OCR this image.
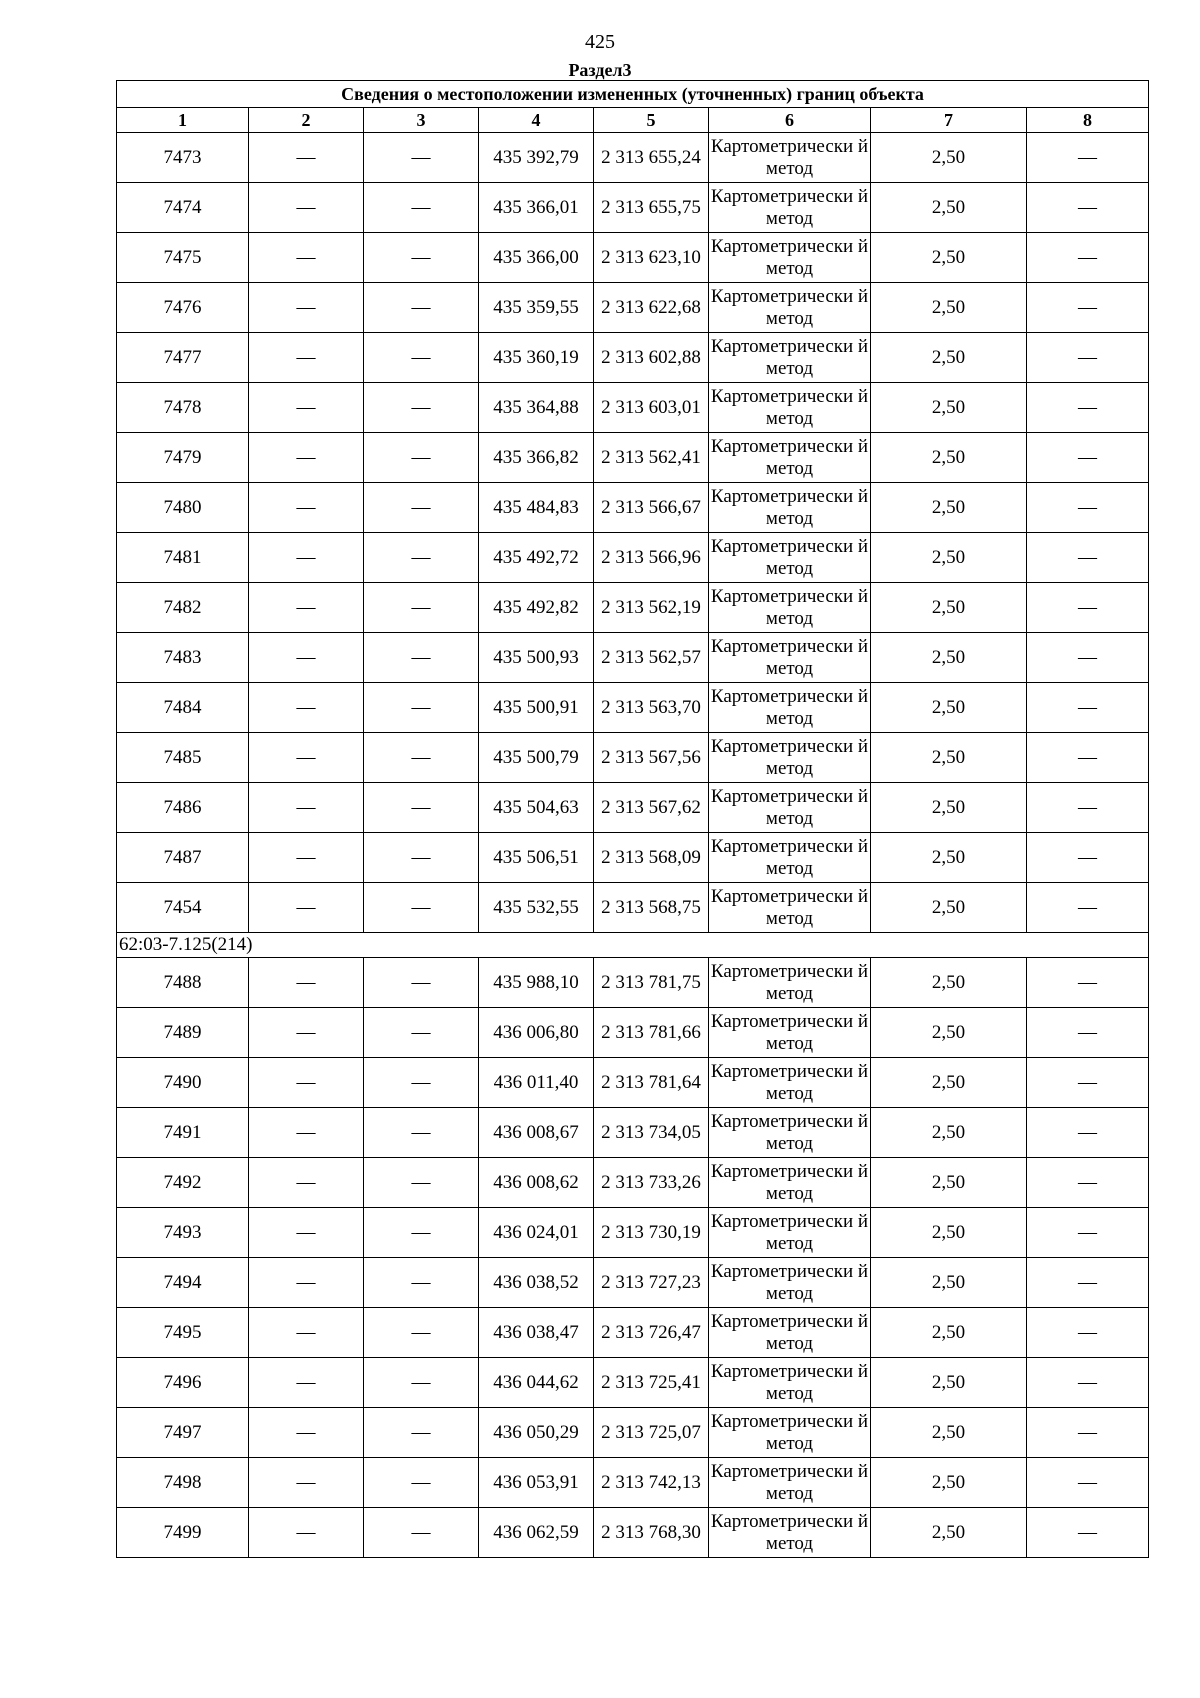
425
Раздел3
Сведения о местоположении измененных (уточненных) границ объекта							
1	2	3	4	5	6	7	8
7473	—	—	435 392,79	2 313 655,24	Картометрически й метод	2,50	—
7474	—	—	435 366,01	2 313 655,75	Картометрически й метод	2,50	—
7475	—	—	435 366,00	2 313 623,10	Картометрически й метод	2,50	—
7476	—	—	435 359,55	2 313 622,68	Картометрически й метод	2,50	—
7477	—	—	435 360,19	2 313 602,88	Картометрически й метод	2,50	—
7478	—	—	435 364,88	2 313 603,01	Картометрически й метод	2,50	—
7479	—	—	435 366,82	2 313 562,41	Картометрически й метод	2,50	—
7480	—	—	435 484,83	2 313 566,67	Картометрически й метод	2,50	—
7481	—	—	435 492,72	2 313 566,96	Картометрически й метод	2,50	—
7482	—	—	435 492,82	2 313 562,19	Картометрически й метод	2,50	—
7483	—	—	435 500,93	2 313 562,57	Картометрически й метод	2,50	—
7484	—	—	435 500,91	2 313 563,70	Картометрически й метод	2,50	—
7485	—	—	435 500,79	2 313 567,56	Картометрически й метод	2,50	—
7486	—	—	435 504,63	2 313 567,62	Картометрически й метод	2,50	—
7487	—	—	435 506,51	2 313 568,09	Картометрически й метод	2,50	—
7454	—	—	435 532,55	2 313 568,75	Картометрически й метод	2,50	—
62:03-7.125(214)							
7488	—	—	435 988,10	2 313 781,75	Картометрически й метод	2,50	—
7489	—	—	436 006,80	2 313 781,66	Картометрически й метод	2,50	—
7490	—	—	436 011,40	2 313 781,64	Картометрически й метод	2,50	—
7491	—	—	436 008,67	2 313 734,05	Картометрически й метод	2,50	—
7492	—	—	436 008,62	2 313 733,26	Картометрически й метод	2,50	—
7493	—	—	436 024,01	2 313 730,19	Картометрически й метод	2,50	—
7494	—	—	436 038,52	2 313 727,23	Картометрически й метод	2,50	—
7495	—	—	436 038,47	2 313 726,47	Картометрически й метод	2,50	—
7496	—	—	436 044,62	2 313 725,41	Картометрически й метод	2,50	—
7497	—	—	436 050,29	2 313 725,07	Картометрически й метод	2,50	—
7498	—	—	436 053,91	2 313 742,13	Картометрически й метод	2,50	—
7499	—	—	436 062,59	2 313 768,30	Картометрически й метод	2,50	—
